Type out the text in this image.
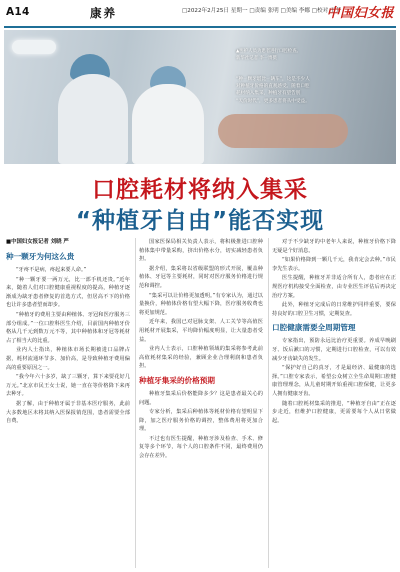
A14	康养	□2022年2月25日 星期一 □责编 张明 □美编 李娜 □校对 王芳
中国妇女报

▲医护人员为患者进行口腔检查。

新华社记者 李一博摄

“种一颗牙堪比一辆车”，这是不少人

对种植牙价格的直观感受。随着口腔

耗材纳入集采，种植牙有望告别

“天价时代”，更多患者将从中受益。

口腔耗材将纳入集采
“种植牙自由”能否实现
■中国妇女报记者 刘晓 严
种一颗牙为何这么贵

“牙疼不是病，疼起来要人命。”

“种一颗牙要一两万元，比一部手机还贵。”近年来，随着人们对口腔健康重视程度的提高，种植牙逐渐成为缺牙患者修复的首选方式，但居高不下的价格也让许多患者望而却步。

“种植牙的费用主要由种植体、牙冠和医疗服务三部分组成。”一位口腔科医生介绍，目前国内种植牙价格从几千元到数万元不等，其中种植体和牙冠等耗材占了相当大的比重。

业内人士指出，种植体市场长期被进口品牌占据，耗材流通环节多、加价高，是导致种植牙费用偏高的重要原因之一。

“我今年六十多岁，缺了三颗牙，算下来要花好几万元。”北京市民王女士说，她一直在等价格降下来再去种牙。

据了解，由于种植牙属于非基本医疗服务，此前大多数地区未将其纳入医保报销范围，患者需要全部自费。

国家医保局相关负责人表示，将积极推进口腔种植体集中带量采购，挤出价格水分，切实减轻患者负担。

据介绍，集采将以省级联盟的形式开展，覆盖种植体、牙冠等主要耗材，同时对医疗服务价格进行规范和调控。

“集采可以让价格更加透明。”有专家认为，通过以量换价，种植体价格有望大幅下降，医疗服务收费也将更加规范。

近年来，我国已对冠脉支架、人工关节等高值医用耗材开展集采，平均降价幅度明显，让大量患者受益。

业内人士表示，口腔种植领域的集采将参考此前高值耗材集采的经验，兼顾企业合理利润和患者负担。

种植牙集采的价格预期

种植牙集采后价格能降多少？这是患者最关心的问题。

专家分析，集采后种植体等耗材价格有望明显下降，加之医疗服务价格的调控，整体费用将更加合理。

不过也有医生提醒，种植牙涉及检查、手术、修复等多个环节，每个人的口腔条件不同，最终费用仍会存在差异。

对于不少缺牙的中老年人来说，种植牙价格下降无疑是个好消息。

“如果价格降到一颗几千元，我肯定会去种。”市民李先生表示。

医生提醒，种植牙并非适合所有人，患者应在正规医疗机构接受全面检查，由专业医生评估后再决定治疗方案。

此外，种植牙完成后的日常维护同样重要，要保持良好的口腔卫生习惯，定期复查。

口腔健康需要全周期管理

专家指出，预防永远比治疗更重要。养成早晚刷牙、饭后漱口的习惯，定期进行口腔检查，可以有效减少牙齿缺失的发生。

“保护好自己的真牙，才是最经济、最健康的选择。”口腔专家表示，希望公众树立全生命周期口腔健康管理理念，从儿童时期开始重视口腔保健，让更多人拥有健康牙齿。

随着口腔耗材集采的推进，“种植牙自由”正在逐步走近，但维护口腔健康，更需要每个人从日常做起。
